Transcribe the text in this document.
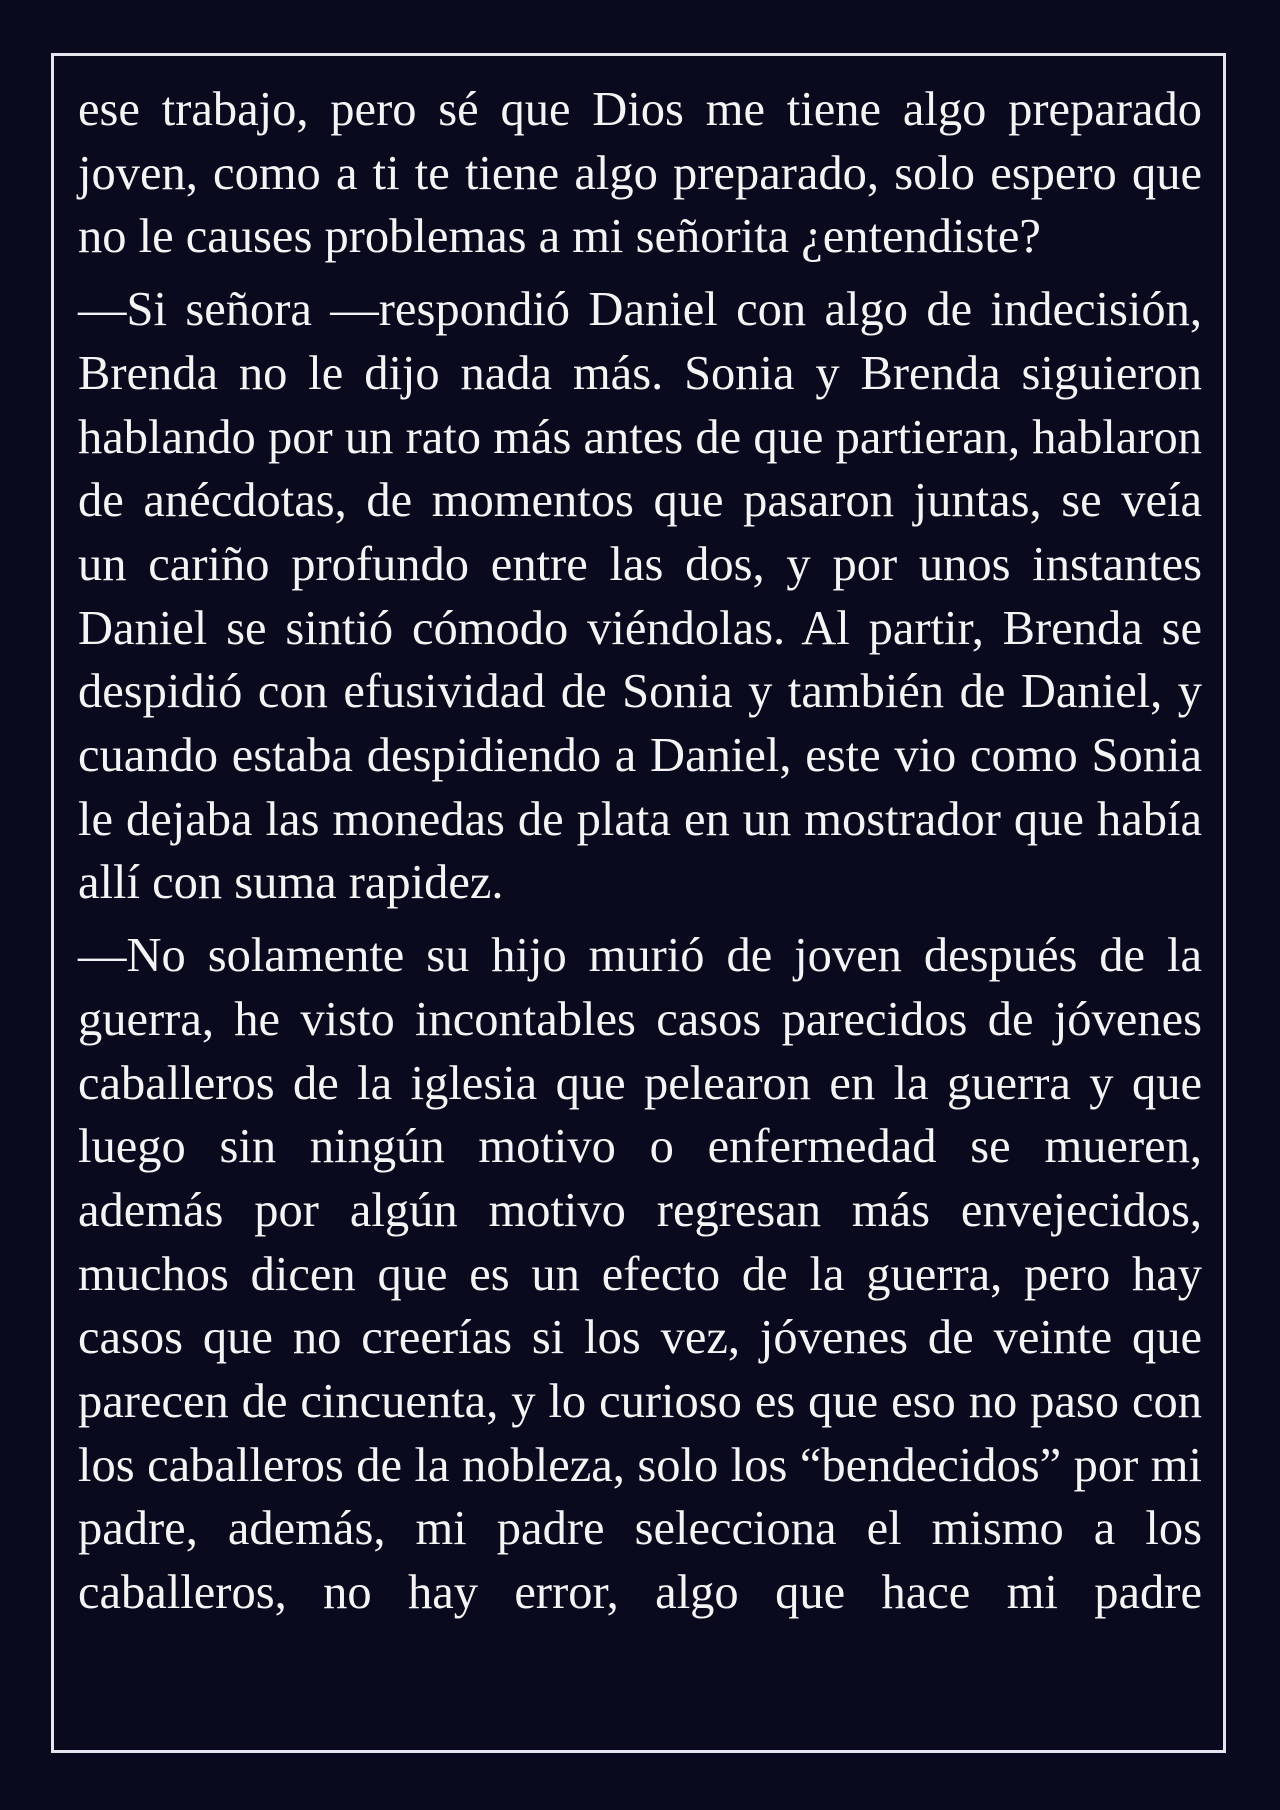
ese trabajo, pero sé que Dios me tiene algo preparado joven, como a ti te tiene algo preparado, solo espero que no le causes problemas a mi señorita ¿entendiste?

—Si señora —respondió Daniel con algo de indecisión, Brenda no le dijo nada más. Sonia y Brenda siguieron hablando por un rato más antes de que partieran, hablaron de anécdotas, de momentos que pasaron juntas, se veía un cariño profundo entre las dos, y por unos instantes Daniel se sintió cómodo viéndolas. Al partir, Brenda se despidió con efusividad de Sonia y también de Daniel, y cuando estaba despidiendo a Daniel, este vio como Sonia le dejaba las monedas de plata en un mostrador que había allí con suma rapidez.

—No solamente su hijo murió de joven después de la guerra, he visto incontables casos parecidos de jóvenes caballeros de la iglesia que pelearon en la guerra y que luego sin ningún motivo o enfermedad se mueren, además por algún motivo regresan más envejecidos, muchos dicen que es un efecto de la guerra, pero hay casos que no creerías si los vez, jóvenes de veinte que parecen de cincuenta, y lo curioso es que eso no paso con los caballeros de la nobleza, solo los “bendecidos” por mi padre, además, mi padre selecciona el mismo a los caballeros, no hay error, algo que hace mi padre
